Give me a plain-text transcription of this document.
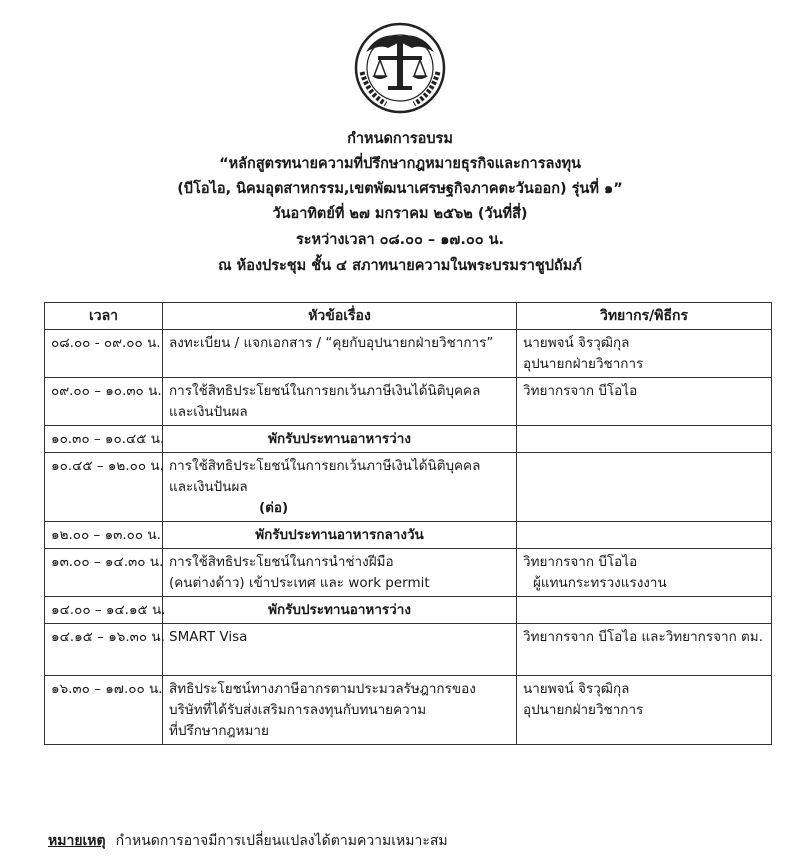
กำหนดการอบรม
“หลักสูตรทนายความที่ปรึกษากฎหมายธุรกิจและการลงทุน
(บีโอไอ, นิคมอุตสาหกรรม,เขตพัฒนาเศรษฐกิจภาคตะวันออก) รุ่นที่ ๑”
วันอาทิตย์ที่ ๒๗ มกราคม ๒๕๖๒ (วันที่สี่)
ระหว่างเวลา ๐๘.๐๐ – ๑๗.๐๐ น.
ณ ห้องประชุม ชั้น ๔ สภาทนายความในพระบรมราชูปถัมภ์
เวลา	หัวข้อเรื่อง	วิทยากร/พิธีกร
๐๘.๐๐ - ๐๙.๐๐ น.	ลงทะเบียน / แจกเอกสาร / “คุยกับอุปนายกฝ่ายวิชาการ”	นายพจน์ จิรวุฒิกุล
อุปนายกฝ่ายวิชาการ

๐๙.๐๐ – ๑๐.๓๐ น.	การใช้สิทธิประโยชน์ในการยกเว้นภาษีเงินได้นิติบุคคล
และเงินปันผล	วิทยากรจาก บีโอไอ
๑๐.๓๐ – ๑๐.๔๕ น.	พักรับประทานอาหารว่าง	
๑๐.๔๕ – ๑๒.๐๐ น.	การใช้สิทธิประโยชน์ในการยกเว้นภาษีเงินได้นิติบุคคล
และเงินปันผล
(ต่อ)	

๑๒.๐๐ – ๑๓.๐๐ น.	พักรับประทานอาหารกลางวัน	
๑๓.๐๐ – ๑๔.๓๐ น.	การใช้สิทธิประโยชน์ในการนำช่างฝีมือ
(คนต่างด้าว) เข้าประเทศ และ work permit	วิทยากรจาก บีโอไอ
ผู้แทนกระทรวงแรงงาน

๑๔.๐๐ – ๑๔.๑๕ น.	พักรับประทานอาหารว่าง	
๑๔.๑๕ – ๑๖.๓๐ น.	SMART Visa	วิทยากรจาก บีโอไอ และวิทยากรจาก ตม.
๑๖.๓๐ – ๑๗.๐๐ น.	สิทธิประโยชน์ทางภาษีอากรตามประมวลรัษฎากรของ
บริษัทที่ได้รับส่งเสริมการลงทุนกับทนายความ
ที่ปรึกษากฎหมาย	นายพจน์ จิรวุฒิกุล
อุปนายกฝ่ายวิชาการ
หมายเหตุ กำหนดการอาจมีการเปลี่ยนแปลงได้ตามความเหมาะสม
